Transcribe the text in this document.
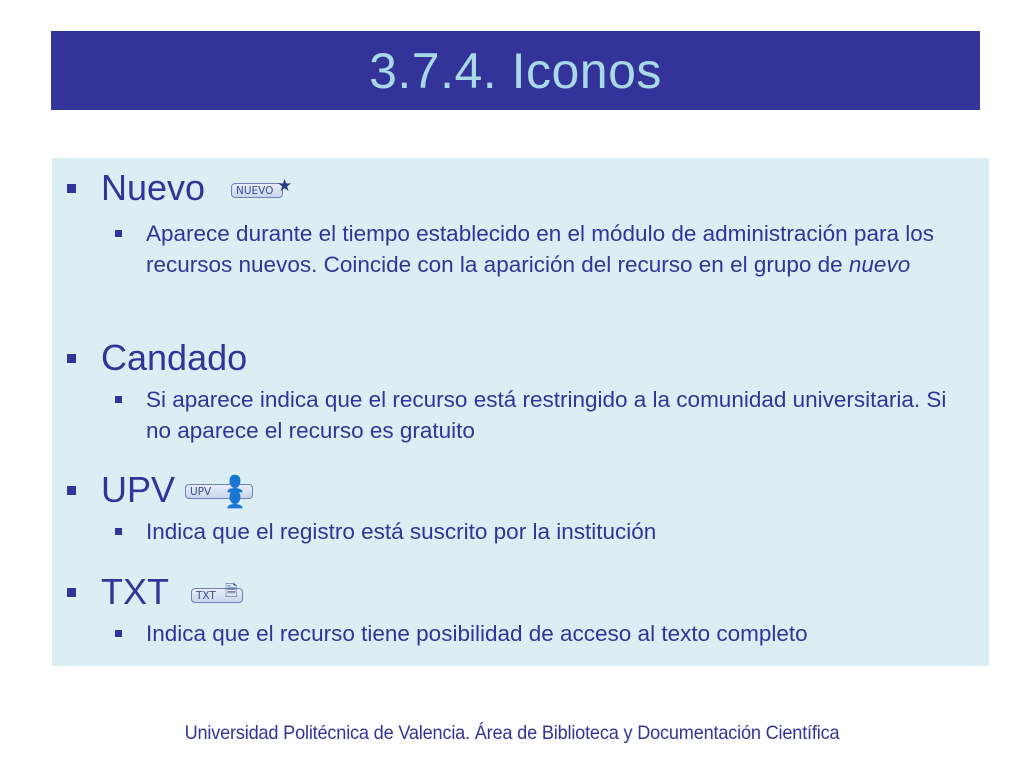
3.7.4. Iconos
Nuevo	NUEVO ★
Aparece durante el tiempo establecido en el módulo de administración para los recursos nuevos. Coincide con la aparición del recurso en el grupo de nuevo
Candado
Si aparece indica que el recurso está restringido a la comunidad universitaria. Si no aparece el recurso es gratuito
UPV	UPV 👤👤
Indica que el registro está suscrito por la institución
TXT	TXT 🗎
Indica que el recurso tiene posibilidad de acceso al texto completo
Universidad Politécnica de Valencia. Área de Biblioteca y Documentación Científica
